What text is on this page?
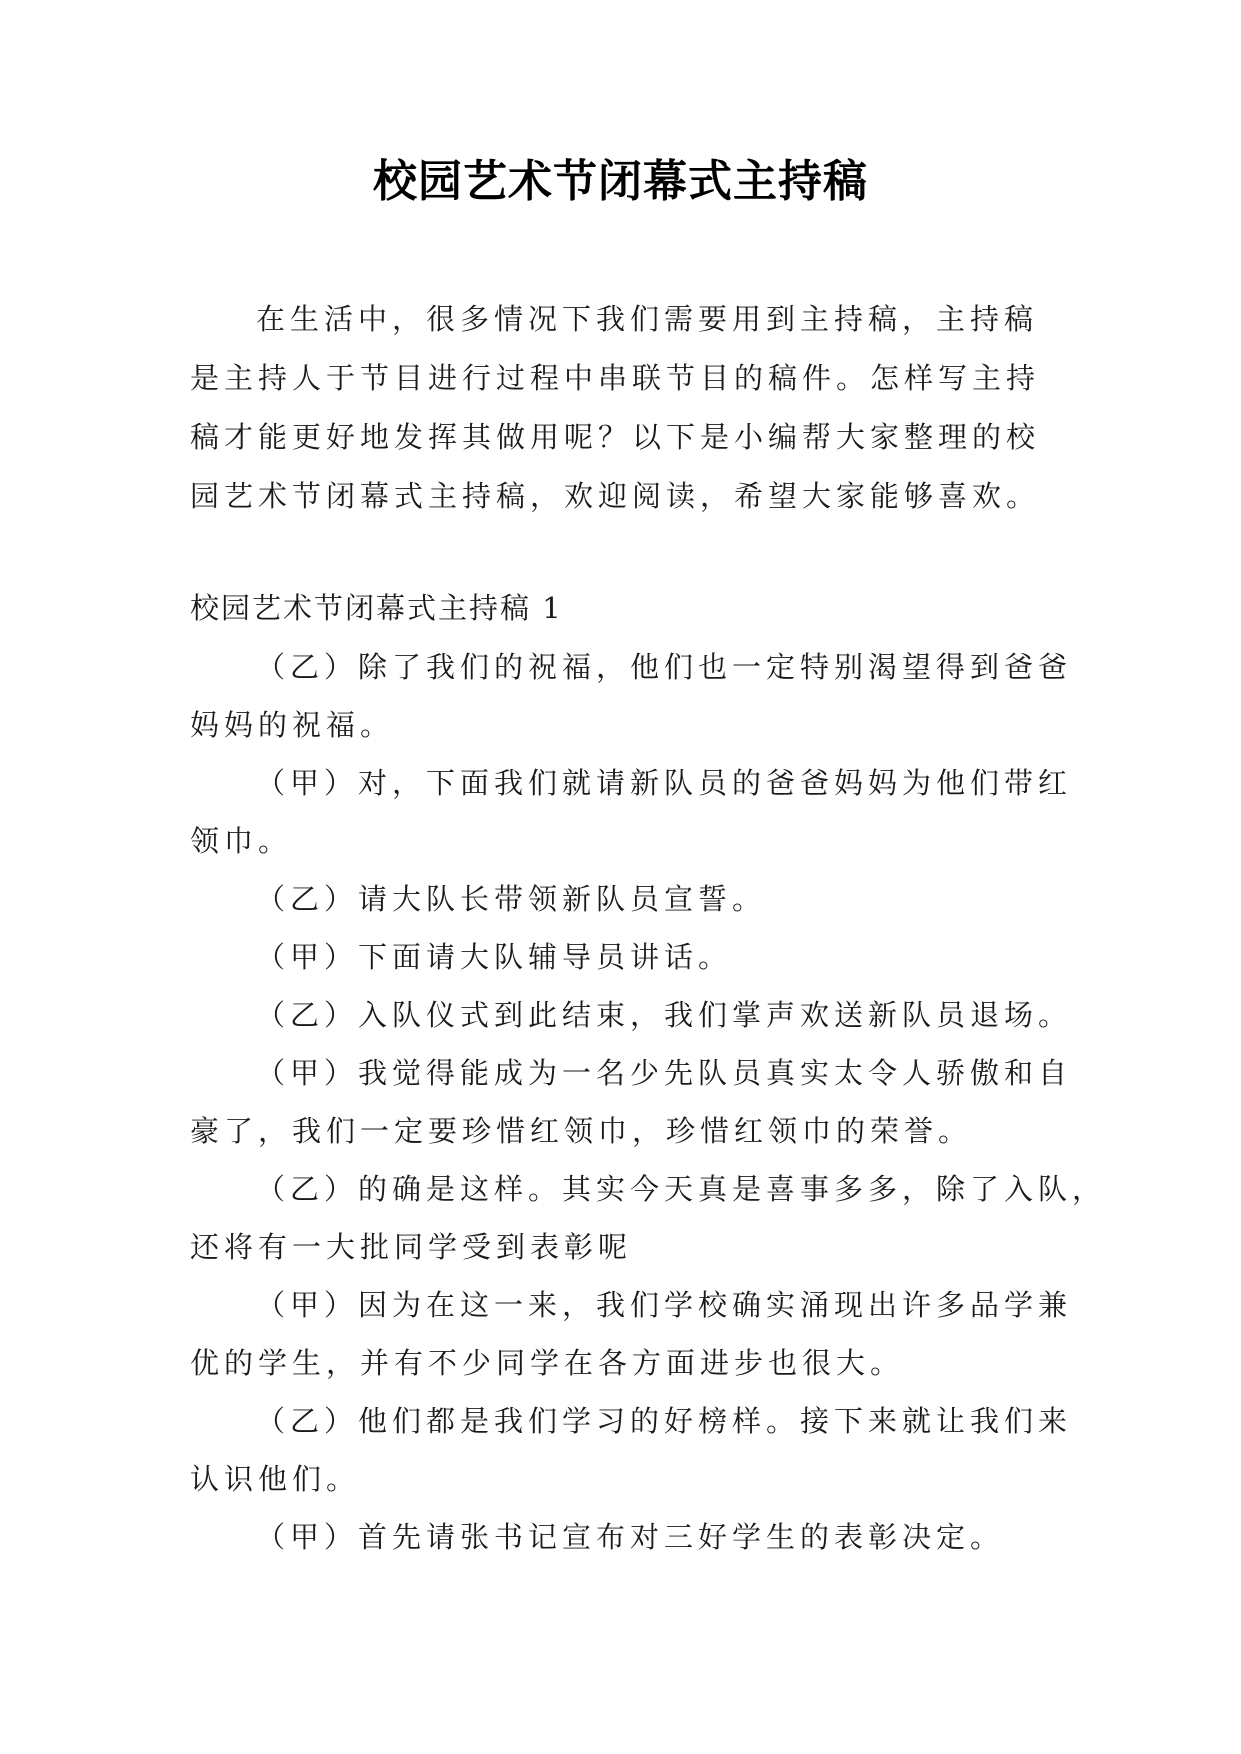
校园艺术节闭幕式主持稿
在生活中，很多情况下我们需要用到主持稿，主持稿是主持人于节目进行过程中串联节目的稿件。怎样写主持稿才能更好地发挥其做用呢？以下是小编帮大家整理的校园艺术节闭幕式主持稿，欢迎阅读，希望大家能够喜欢。
校园艺术节闭幕式主持稿 1
（乙）除了我们的祝福，他们也一定特别渴望得到爸爸
妈妈的祝福。
（甲）对，下面我们就请新队员的爸爸妈妈为他们带红
领巾。
（乙）请大队长带领新队员宣誓。
（甲）下面请大队辅导员讲话。
（乙）入队仪式到此结束，我们掌声欢送新队员退场。
（甲）我觉得能成为一名少先队员真实太令人骄傲和自
豪了，我们一定要珍惜红领巾，珍惜红领巾的荣誉。
（乙）的确是这样。其实今天真是喜事多多，除了入队，
还将有一大批同学受到表彰呢
（甲）因为在这一来，我们学校确实涌现出许多品学兼
优的学生，并有不少同学在各方面进步也很大。
（乙）他们都是我们学习的好榜样。接下来就让我们来
认识他们。
（甲）首先请张书记宣布对三好学生的表彰决定。
